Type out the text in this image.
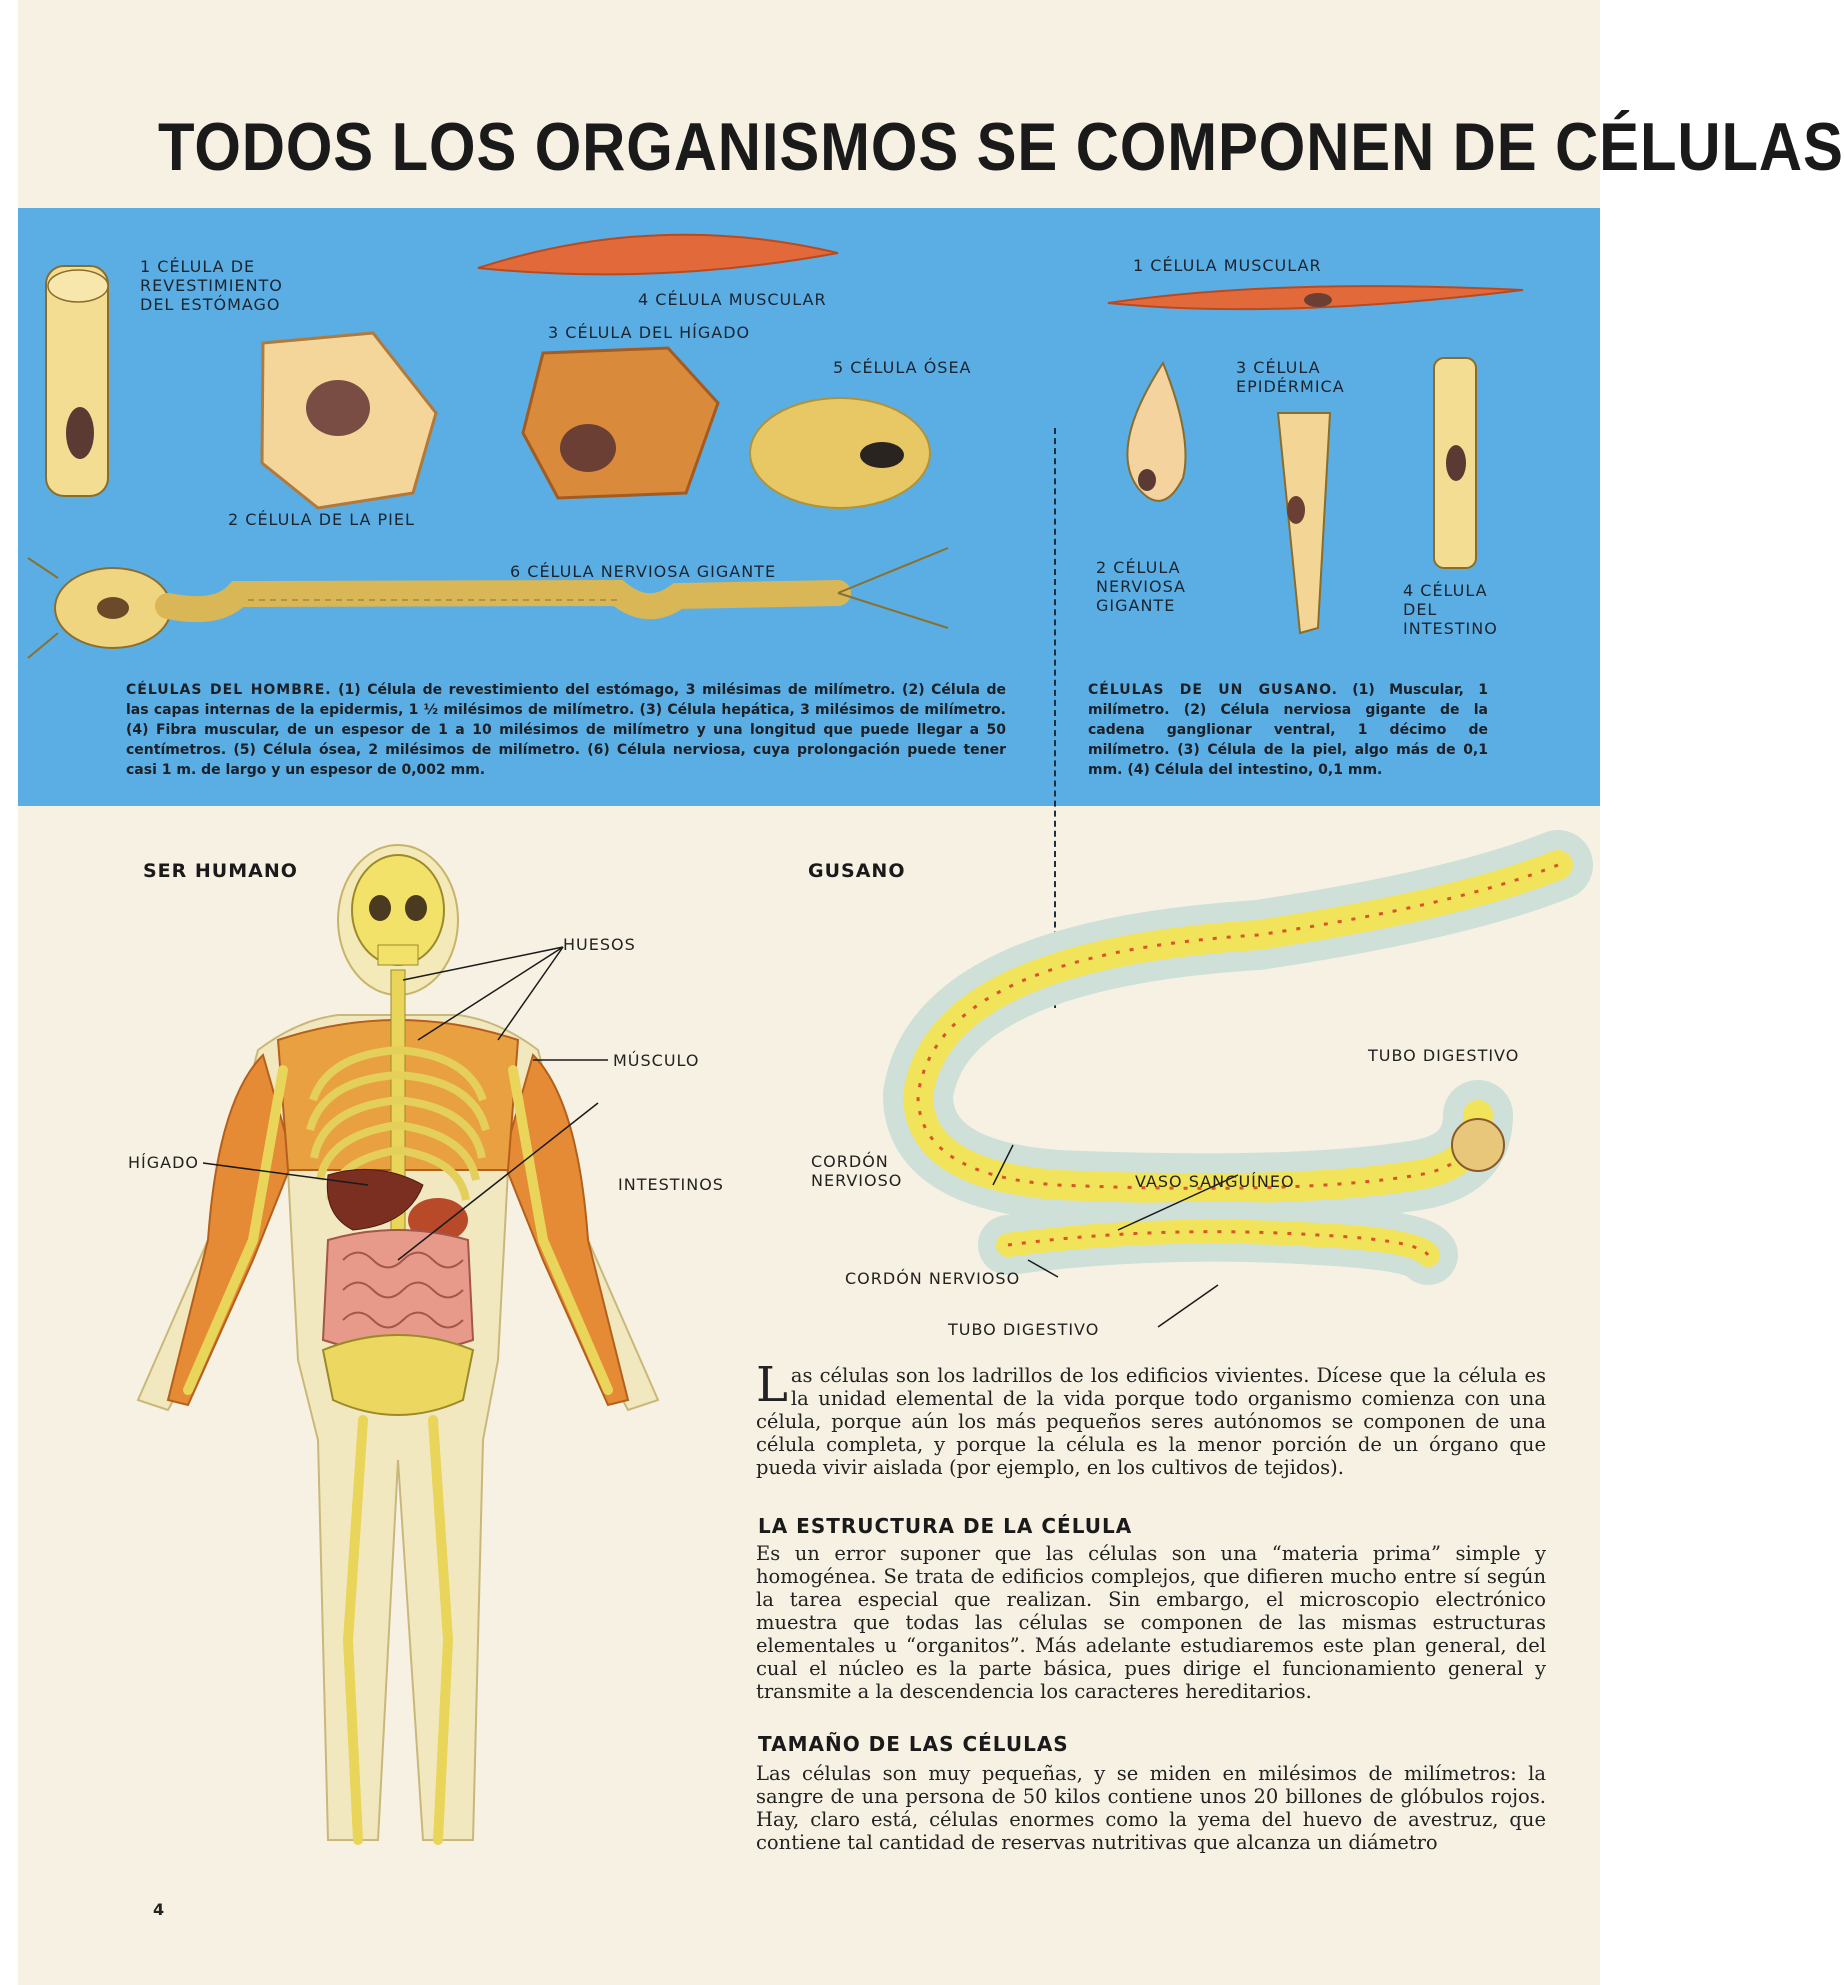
TODOS LOS ORGANISMOS SE COMPONEN DE CÉLULAS
1 CÉLULA DE
REVESTIMIENTO
DEL ESTÓMAGO
2 CÉLULA DE LA PIEL
3 CÉLULA DEL HÍGADO
4 CÉLULA MUSCULAR
5 CÉLULA ÓSEA
6 CÉLULA NERVIOSA GIGANTE
1 CÉLULA MUSCULAR
2 CÉLULA
NERVIOSA
GIGANTE
3 CÉLULA
EPIDÉRMICA
4 CÉLULA
DEL
INTESTINO
CÉLULAS DEL HOMBRE. (1) Célula de revestimiento del estómago, 3 milésimas de milímetro. (2) Célula de las capas internas de la epidermis, 1 ½ milésimos de milímetro. (3) Célula hepática, 3 milésimos de milímetro. (4) Fibra muscular, de un espesor de 1 a 10 milésimos de milímetro y una longitud que puede llegar a 50 centímetros. (5) Célula ósea, 2 milésimos de milímetro. (6) Célula nerviosa, cuya prolongación puede tener casi 1 m. de largo y un espesor de 0,002 mm.
CÉLULAS DE UN GUSANO. (1) Muscular, 1 milímetro. (2) Célula nerviosa gigante de la cadena ganglionar ventral, 1 décimo de milímetro. (3) Célula de la piel, algo más de 0,1 mm. (4) Célula del intestino, 0,1 mm.
SER HUMANO	GUSANO
HUESOS
MÚSCULO
HÍGADO
INTESTINOS
TUBO DIGESTIVO
CORDÓN
NERVIOSO	VASO SANGUÍNEO
CORDÓN NERVIOSO
TUBO DIGESTIVO
Las células son los ladrillos de los edificios vivientes. Dícese que la célula es la unidad elemental de la vida porque todo organismo comienza con una célula, porque aún los más pequeños seres autónomos se componen de una célula completa, y porque la célula es la menor porción de un órgano que pueda vivir aislada (por ejemplo, en los cultivos de tejidos).
LA ESTRUCTURA DE LA CÉLULA
Es un error suponer que las células son una “materia prima” simple y homogénea. Se trata de edificios complejos, que difieren mucho entre sí según la tarea especial que realizan. Sin embargo, el microscopio electrónico muestra que todas las células se componen de las mismas estructuras elementales u “organitos”. Más adelante estudiaremos este plan general, del cual el núcleo es la parte básica, pues dirige el funcionamiento general y transmite a la descendencia los caracteres hereditarios.
TAMAÑO DE LAS CÉLULAS
Las células son muy pequeñas, y se miden en milésimos de milímetros: la sangre de una persona de 50 kilos contiene unos 20 billones de glóbulos rojos. Hay, claro está, células enormes como la yema del huevo de avestruz, que contiene tal cantidad de reservas nutritivas que alcanza un diámetro
4
